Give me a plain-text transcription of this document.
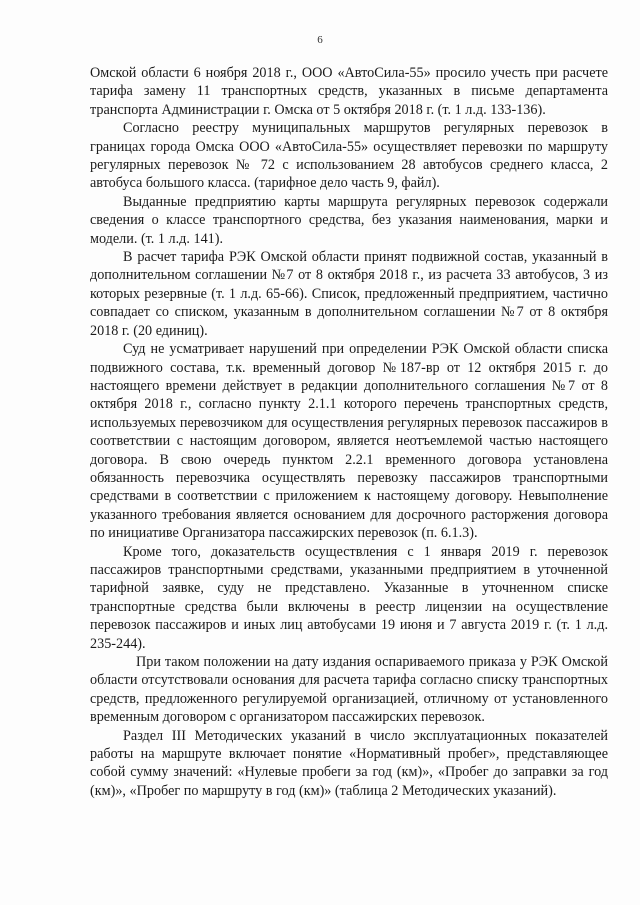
6

Омской области 6 ноября 2018 г., ООО «АвтоСила-55» просило учесть при расчете тарифа замену 11 транспортных средств, указанных в письме департамента транспорта Администрации г. Омска от 5 октября 2018 г. (т. 1 л.д. 133-136).

Согласно реестру муниципальных маршрутов регулярных перевозок в границах города Омска ООО «АвтоСила-55» осуществляет перевозки по маршруту регулярных перевозок № 72 с использованием 28 автобусов среднего класса, 2 автобуса большого класса. (тарифное дело часть 9, файл).

Выданные предприятию карты маршрута регулярных перевозок содержали сведения о классе транспортного средства, без указания наименования, марки и модели. (т. 1 л.д. 141).

В расчет тарифа РЭК Омской области принят подвижной состав, указанный в дополнительном соглашении №7 от 8 октября 2018 г., из расчета 33 автобусов, 3 из которых резервные (т. 1 л.д. 65-66). Список, предложенный предприятием, частично совпадает со списком, указанным в дополнительном соглашении №7 от 8 октября 2018 г. (20 единиц).

Суд не усматривает нарушений при определении РЭК Омской области списка подвижного состава, т.к. временный договор №187-вр от 12 октября 2015 г. до настоящего времени действует в редакции дополнительного соглашения №7 от 8 октября 2018 г., согласно пункту 2.1.1 которого перечень транспортных средств, используемых перевозчиком для осуществления регулярных перевозок пассажиров в соответствии с настоящим договором, является неотъемлемой частью настоящего договора. В свою очередь пунктом 2.2.1 временного договора установлена обязанность перевозчика осуществлять перевозку пассажиров транспортными средствами в соответствии с приложением к настоящему договору. Невыполнение указанного требования является основанием для досрочного расторжения договора по инициативе Организатора пассажирских перевозок (п. 6.1.3).

Кроме того, доказательств осуществления с 1 января 2019 г. перевозок пассажиров транспортными средствами, указанными предприятием в уточненной тарифной заявке, суду не представлено. Указанные в уточненном списке транспортные средства были включены в реестр лицензии на осуществление перевозок пассажиров и иных лиц автобусами 19 июня и 7 августа 2019 г. (т. 1 л.д. 235-244).

При таком положении на дату издания оспариваемого приказа у РЭК Омской области отсутствовали основания для расчета тарифа согласно списку транспортных средств, предложенного регулируемой организацией, отличному от установленного временным договором с организатором пассажирских перевозок.

Раздел III Методических указаний в число эксплуатационных показателей работы на маршруте включает понятие «Нормативный пробег», представляющее собой сумму значений: «Нулевые пробеги за год (км)», «Пробег до заправки за год (км)», «Пробег по маршруту в год (км)» (таблица 2 Методических указаний).
